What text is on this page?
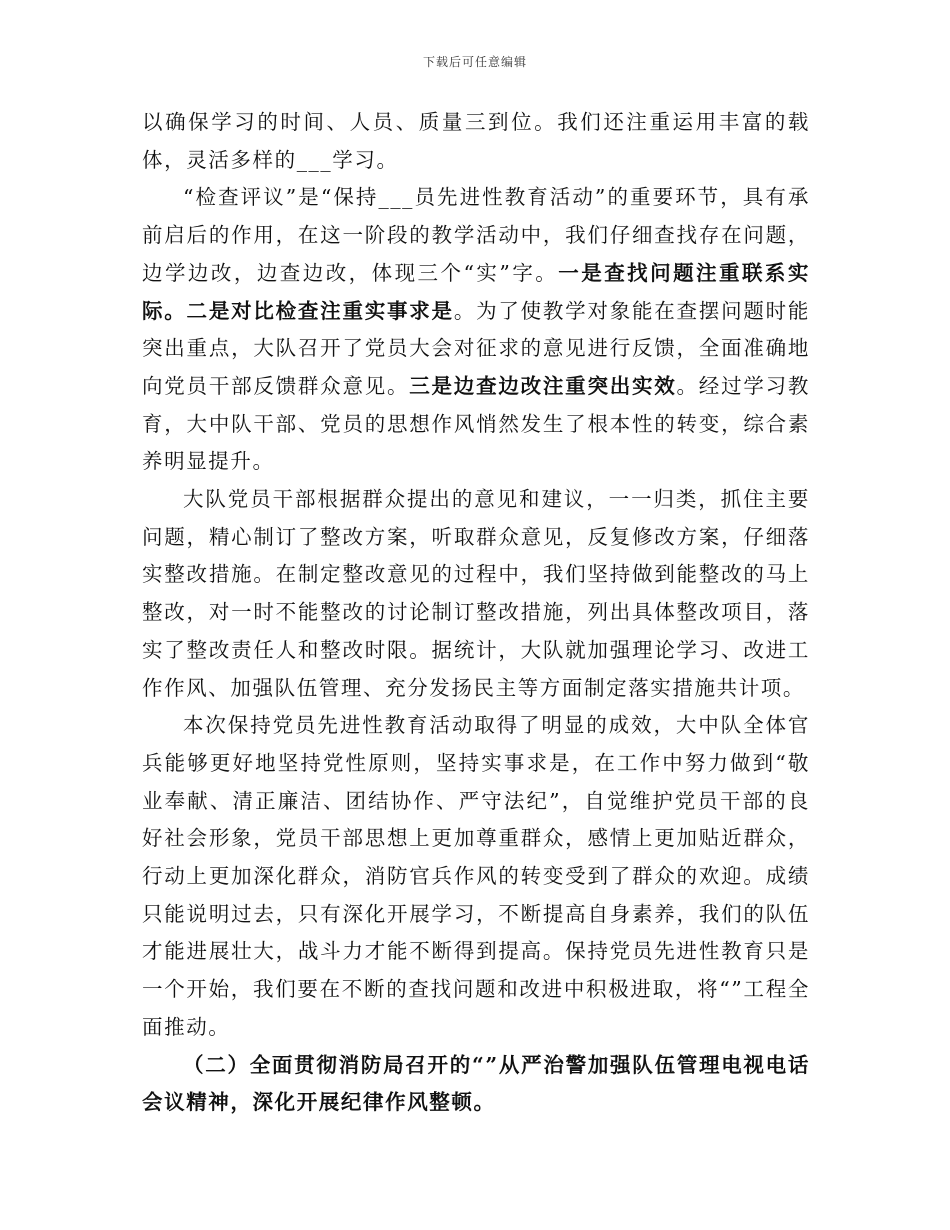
下载后可任意编辑

以确保学习的时间、人员、质量三到位。我们还注重运用丰富的载体，灵活多样的___学习。

“检查评议”是“保持___员先进性教育活动”的重要环节，具有承前启后的作用，在这一阶段的教学活动中，我们仔细查找存在问题，边学边改，边查边改，体现三个“实”字。一是查找问题注重联系实际。二是对比检查注重实事求是。为了使教学对象能在查摆问题时能突出重点，大队召开了党员大会对征求的意见进行反馈，全面准确地向党员干部反馈群众意见。三是边查边改注重突出实效。经过学习教育，大中队干部、党员的思想作风悄然发生了根本性的转变，综合素养明显提升。

大队党员干部根据群众提出的意见和建议，一一归类，抓住主要问题，精心制订了整改方案，听取群众意见，反复修改方案，仔细落实整改措施。在制定整改意见的过程中，我们坚持做到能整改的马上整改，对一时不能整改的讨论制订整改措施，列出具体整改项目，落实了整改责任人和整改时限。据统计，大队就加强理论学习、改进工作作风、加强队伍管理、充分发扬民主等方面制定落实措施共计项。

本次保持党员先进性教育活动取得了明显的成效，大中队全体官兵能够更好地坚持党性原则，坚持实事求是，在工作中努力做到“敬业奉献、清正廉洁、团结协作、严守法纪”，自觉维护党员干部的良好社会形象，党员干部思想上更加尊重群众，感情上更加贴近群众，行动上更加深化群众，消防官兵作风的转变受到了群众的欢迎。成绩只能说明过去，只有深化开展学习，不断提高自身素养，我们的队伍才能进展壮大，战斗力才能不断得到提高。保持党员先进性教育只是一个开始，我们要在不断的查找问题和改进中积极进取，将“”工程全面推动。

（二）全面贯彻消防局召开的“”从严治警加强队伍管理电视电话会议精神，深化开展纪律作风整顿。
